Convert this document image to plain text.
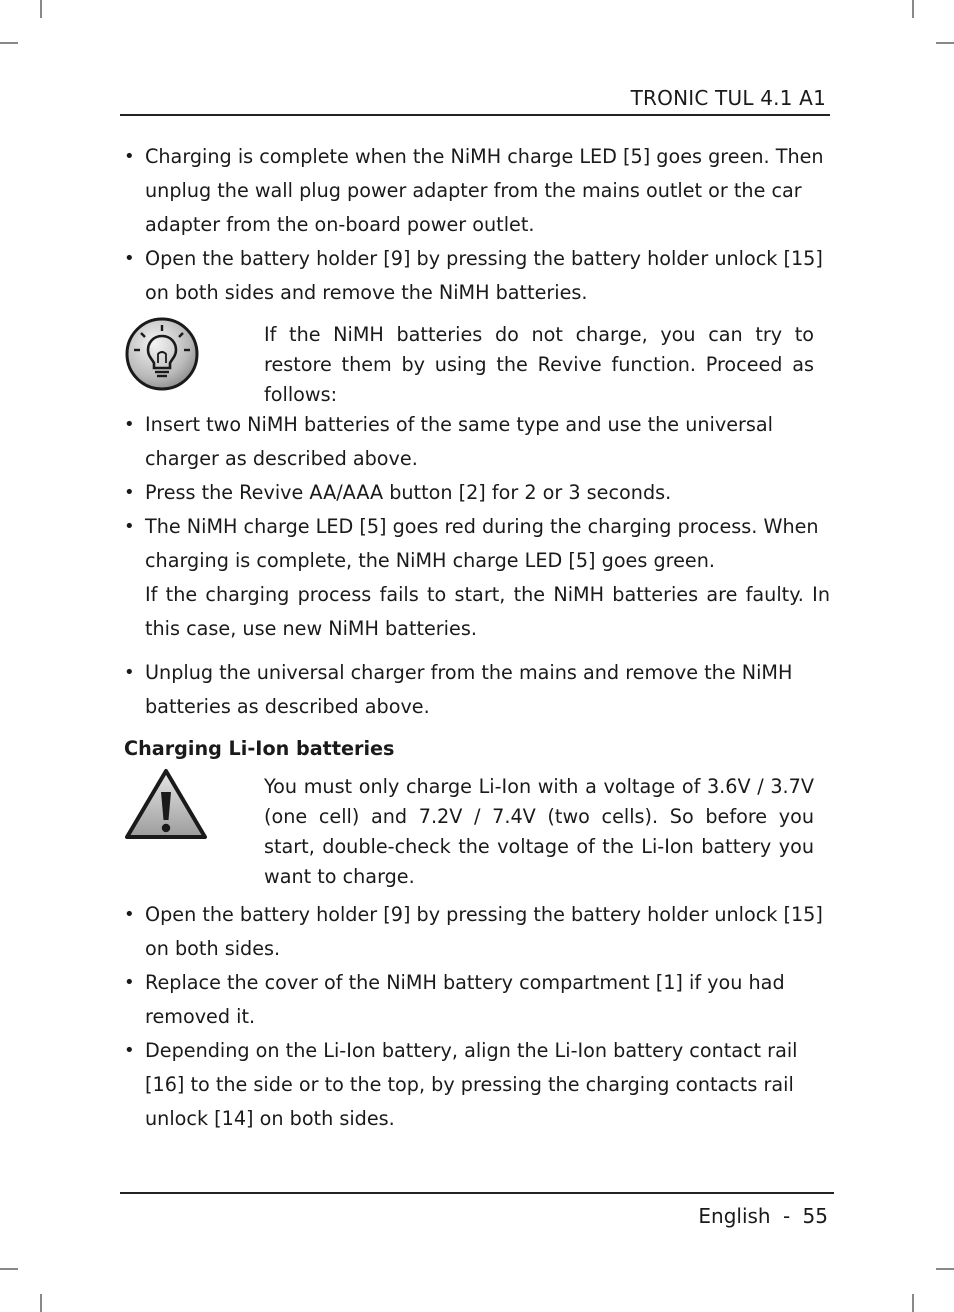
TRONIC TUL 4.1 A1
• Charging is complete when the NiMH charge LED [5] goes green. Then unplug the wall plug power adapter from the mains outlet or the car adapter from the on-board power outlet.
• Open the battery holder [9] by pressing the battery holder unlock [15] on both sides and remove the NiMH batteries.
If the NiMH batteries do not charge, you can try to restore them by using the Revive function. Proceed as follows:
• Insert two NiMH batteries of the same type and use the universal charger as described above.
• Press the Revive AA/AAA button [2] for 2 or 3 seconds.
• The NiMH charge LED [5] goes red during the charging process. When charging is complete, the NiMH charge LED [5] goes green.
If the charging process fails to start, the NiMH batteries are faulty. In this case, use new NiMH batteries.
• Unplug the universal charger from the mains and remove the NiMH batteries as described above.
Charging Li-Ion batteries
You must only charge Li-Ion with a voltage of 3.6V / 3.7V (one cell) and 7.2V / 7.4V (two cells). So before you start, double-check the voltage of the Li-Ion battery you want to charge.
• Open the battery holder [9] by pressing the battery holder unlock [15] on both sides.
• Replace the cover of the NiMH battery compartment [1] if you had removed it.
• Depending on the Li-Ion battery, align the Li-Ion battery contact rail [16] to the side or to the top, by pressing the charging contacts rail unlock [14] on both sides.
English - 55
